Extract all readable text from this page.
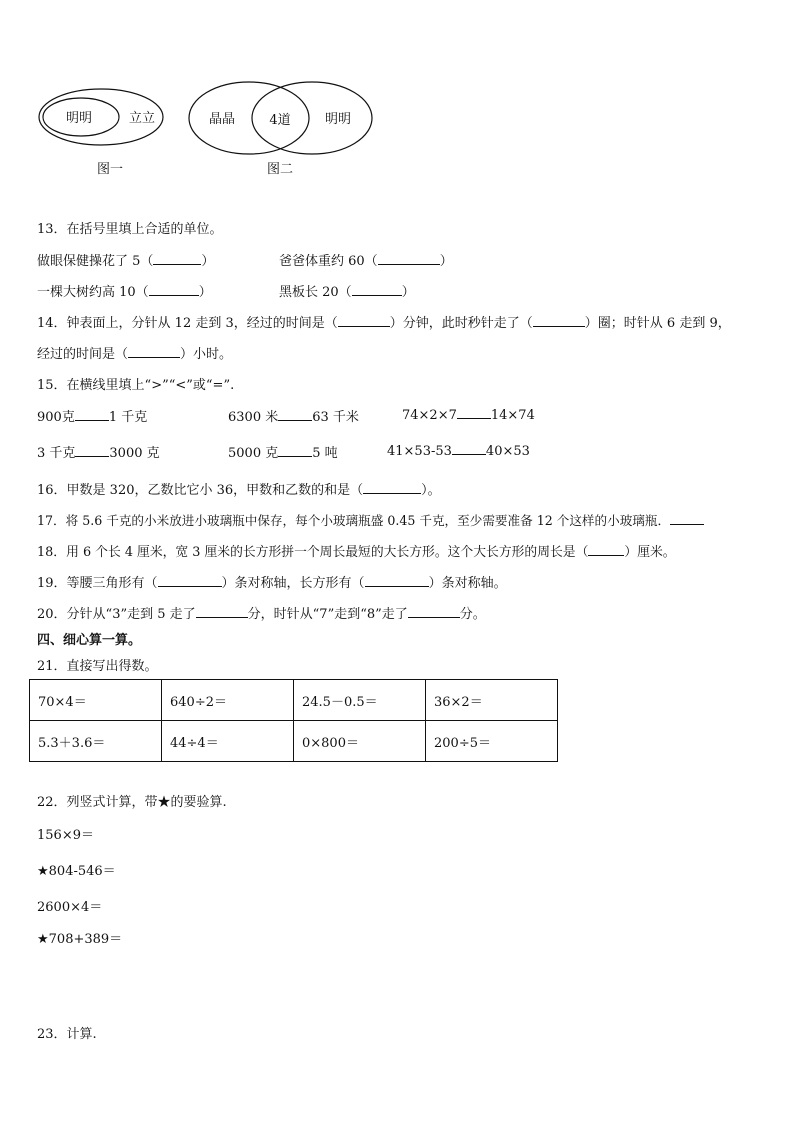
明明	立立
图一
晶晶	4道	明明
图二
13．在括号里填上合适的单位。
做眼保健操花了 5（	）	爸爸体重约 60（	）
一棵大树约高 10（	）	黑板长 20（	）
14．钟表面上，分针从 12 走到 3，经过的时间是（	）分钟，此时秒针走了（	）圈；时针从 6 走到 9，
经过的时间是（	）小时。
15．在横线里填上“>”“<”或“=”.
900克	1 千克	6300 米	63 千米	74×2×7	14×74
3 千克	3000 克	5000 克	5 吨	41×53-53	40×53
16．甲数是 320，乙数比它小 36，甲数和乙数的和是（	）。
17．将 5.6 千克的小米放进小玻璃瓶中保存，每个小玻璃瓶盛 0.45 千克，至少需要准备 12 个这样的小玻璃瓶．
18．用 6 个长 4 厘米，宽 3 厘米的长方形拼一个周长最短的大长方形。这个大长方形的周长是（	）厘米。
19．等腰三角形有（	）条对称轴，长方形有（	）条对称轴。
20．分针从“3”走到 5 走了	分，时针从“7”走到“8”走了	分。
四、细心算一算。
21．直接写出得数。
70×4＝	640÷2＝	24.5－0.5＝	36×2＝
5.3＋3.6＝	44÷4＝	0×800＝	200÷5＝
22．列竖式计算，带★的要验算.
156×9＝
★804-546＝
2600×4＝
★708+389＝
23．计算.
